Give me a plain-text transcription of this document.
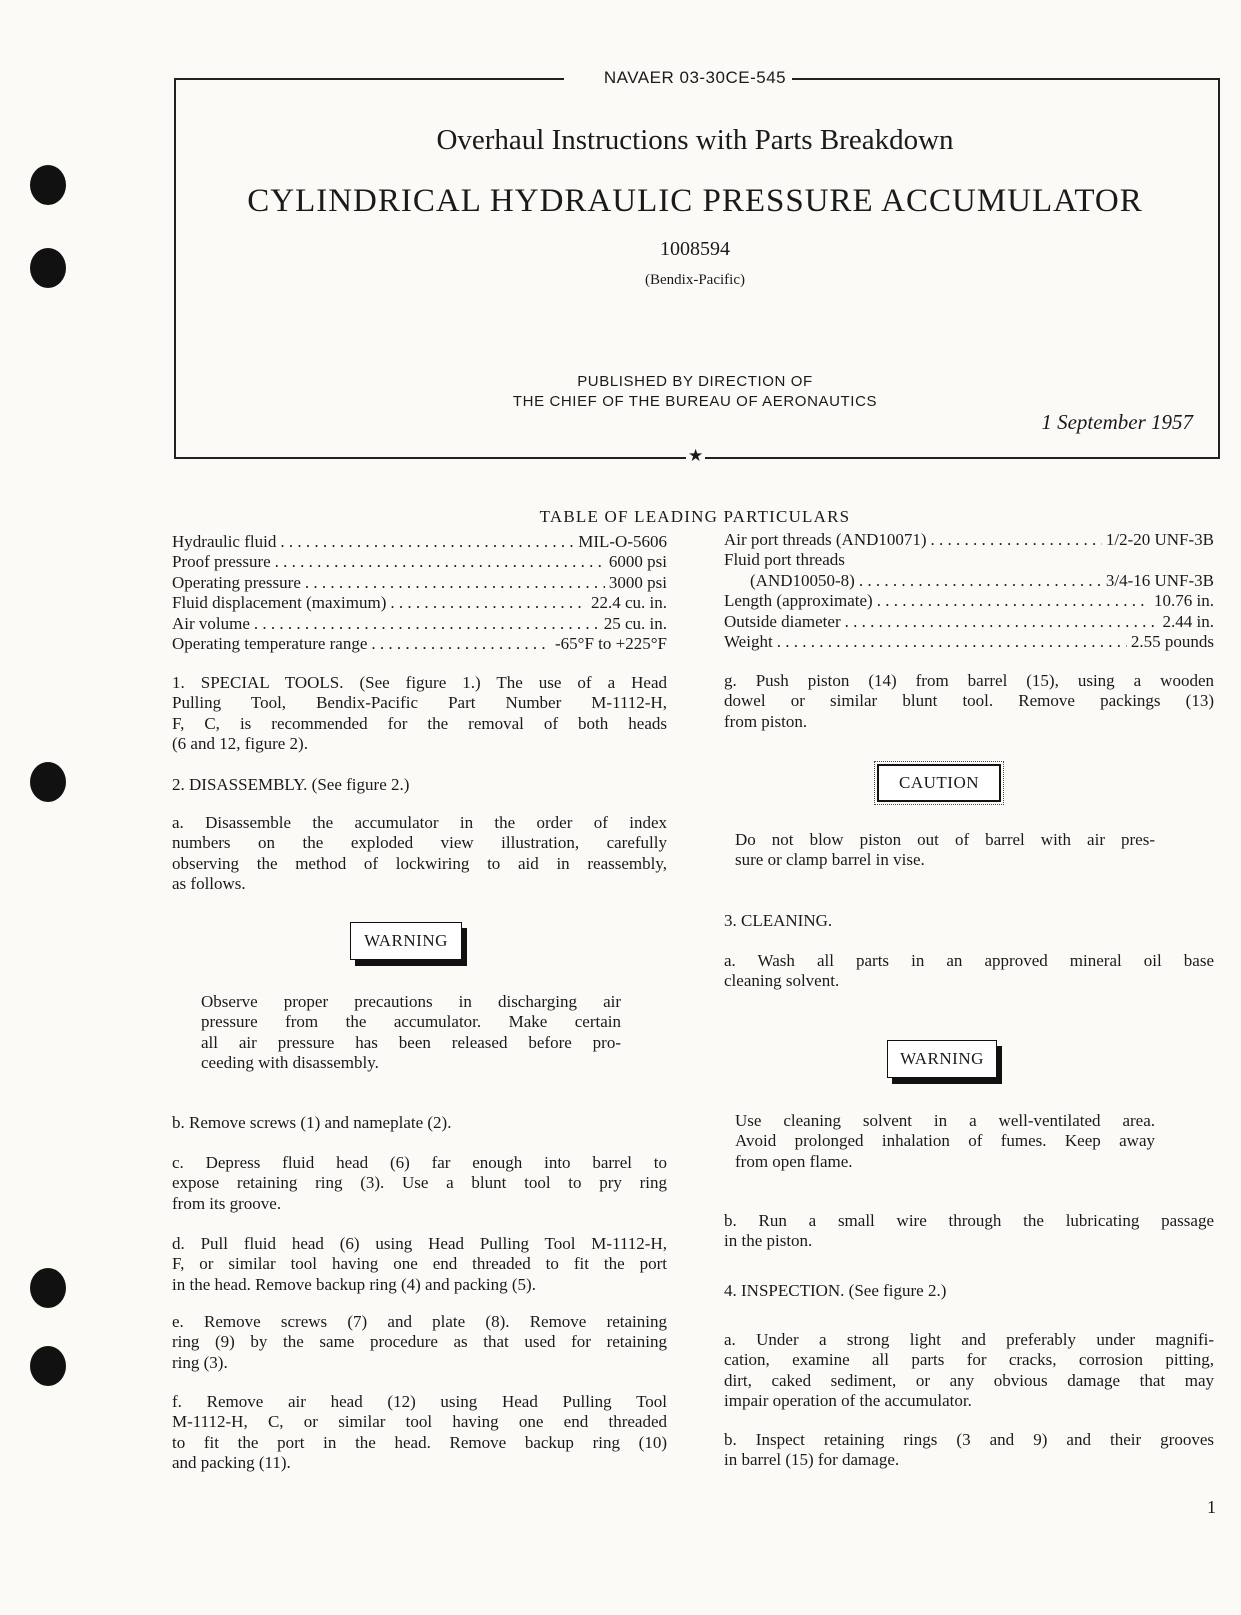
NAVAER 03-30CE-545
Overhaul Instructions with Parts Breakdown
CYLINDRICAL HYDRAULIC PRESSURE ACCUMULATOR
1008594
(Bendix-Pacific)
PUBLISHED BY DIRECTION OF
THE CHIEF OF THE BUREAU OF AERONAUTICS
1 September 1957
★
TABLE OF LEADING PARTICULARS
Hydraulic fluid . . .	MIL-O-5606
Proof pressure . . .	6000 psi
Operating pressure . . .	3000 psi
Fluid displacement (maximum) . . .	22.4 cu. in.
Air volume . . .	25 cu. in.
Operating temperature range . . .	-65°F to +225°F
Air port threads (AND10071) . . .	1/2-20 UNF-3B
Fluid port threads
(AND10050-8) . . .	3/4-16 UNF-3B
Length (approximate) . . .	10.76 in.
Outside diameter . . .	2.44 in.
Weight . . .	2.55 pounds
1. SPECIAL TOOLS. (See figure 1.) The use of a Head
Pulling Tool, Bendix-Pacific Part Number M-1112-H,
F, C, is recommended for the removal of both heads
(6 and 12, figure 2).
2. DISASSEMBLY. (See figure 2.)
a. Disassemble the accumulator in the order of index
numbers on the exploded view illustration, carefully
observing the method of lockwiring to aid in reassembly,
as follows.
WARNING
Observe proper precautions in discharging air
pressure from the accumulator. Make certain
all air pressure has been released before pro-
ceeding with disassembly.
b. Remove screws (1) and nameplate (2).
c. Depress fluid head (6) far enough into barrel to
expose retaining ring (3). Use a blunt tool to pry ring
from its groove.
d. Pull fluid head (6) using Head Pulling Tool M-1112-H,
F, or similar tool having one end threaded to fit the port
in the head. Remove backup ring (4) and packing (5).
e. Remove screws (7) and plate (8). Remove retaining
ring (9) by the same procedure as that used for retaining
ring (3).
f. Remove air head (12) using Head Pulling Tool
M-1112-H, C, or similar tool having one end threaded
to fit the port in the head. Remove backup ring (10)
and packing (11).
g. Push piston (14) from barrel (15), using a wooden
dowel or similar blunt tool. Remove packings (13)
from piston.
CAUTION
Do not blow piston out of barrel with air pres-
sure or clamp barrel in vise.
3. CLEANING.
a. Wash all parts in an approved mineral oil base
cleaning solvent.
WARNING
Use cleaning solvent in a well-ventilated area.
Avoid prolonged inhalation of fumes. Keep away
from open flame.
b. Run a small wire through the lubricating passage
in the piston.
4. INSPECTION. (See figure 2.)
a. Under a strong light and preferably under magnifi-
cation, examine all parts for cracks, corrosion pitting,
dirt, caked sediment, or any obvious damage that may
impair operation of the accumulator.
b. Inspect retaining rings (3 and 9) and their grooves
in barrel (15) for damage.
1
